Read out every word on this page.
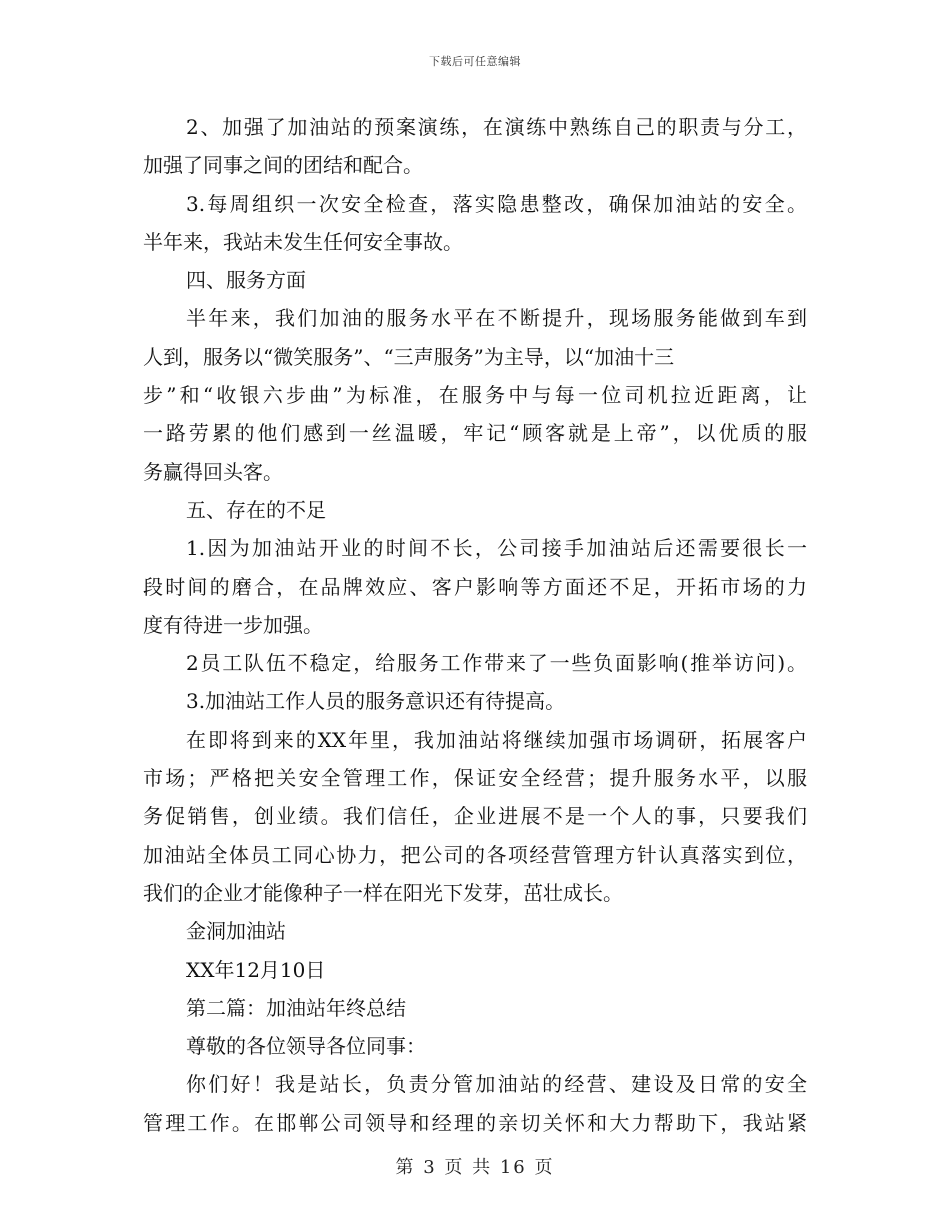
下载后可任意编辑
2、加强了加油站的预案演练，在演练中熟练自己的职责与分工，
加强了同事之间的团结和配合。
3.每周组织一次安全检查，落实隐患整改，确保加油站的安全。
半年来，我站未发生任何安全事故。
四、服务方面
半年来，我们加油的服务水平在不断提升，现场服务能做到车到
人到，服务以“微笑服务”、“三声服务”为主导，以“加油十三
步”和“收银六步曲”为标准，在服务中与每一位司机拉近距离，让
一路劳累的他们感到一丝温暖，牢记“顾客就是上帝”，以优质的服
务赢得回头客。
五、存在的不足
1.因为加油站开业的时间不长，公司接手加油站后还需要很长一
段时间的磨合，在品牌效应、客户影响等方面还不足，开拓市场的力
度有待进一步加强。
2员工队伍不稳定，给服务工作带来了一些负面影响(推举访问)。
3.加油站工作人员的服务意识还有待提高。
在即将到来的XX年里，我加油站将继续加强市场调研，拓展客户
市场；严格把关安全管理工作，保证安全经营；提升服务水平，以服
务促销售，创业绩。我们信任，企业进展不是一个人的事，只要我们
加油站全体员工同心协力，把公司的各项经营管理方针认真落实到位，
我们的企业才能像种子一样在阳光下发芽，茁壮成长。
金洞加油站
XX年12月10日
第二篇：加油站年终总结
尊敬的各位领导各位同事：
你们好！我是站长，负责分管加油站的经营、建设及日常的安全
管理工作。在邯郸公司领导和经理的亲切关怀和大力帮助下，我站紧
第 3 页 共 16 页
